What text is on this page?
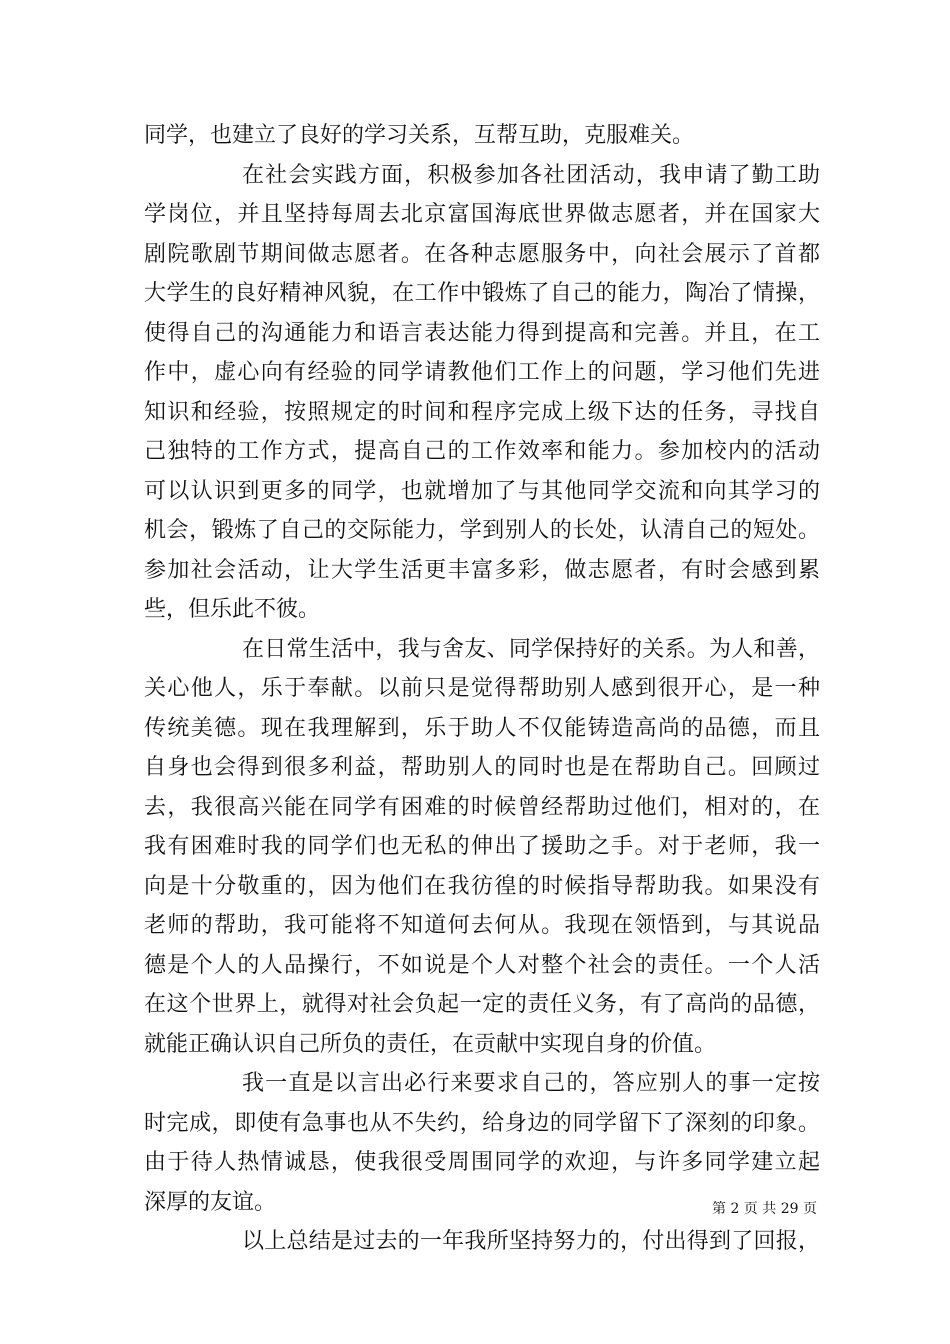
同学，也建立了良好的学习关系，互帮互助，克服难关。
在社会实践方面，积极参加各社团活动，我申请了勤工助
学岗位，并且坚持每周去北京富国海底世界做志愿者，并在国家大
剧院歌剧节期间做志愿者。在各种志愿服务中，向社会展示了首都
大学生的良好精神风貌，在工作中锻炼了自己的能力，陶冶了情操，
使得自己的沟通能力和语言表达能力得到提高和完善。并且，在工
作中，虚心向有经验的同学请教他们工作上的问题，学习他们先进
知识和经验，按照规定的时间和程序完成上级下达的任务，寻找自
己独特的工作方式，提高自己的工作效率和能力。参加校内的活动
可以认识到更多的同学，也就增加了与其他同学交流和向其学习的
机会，锻炼了自己的交际能力，学到别人的长处，认清自己的短处。
参加社会活动，让大学生活更丰富多彩，做志愿者，有时会感到累
些，但乐此不彼。
在日常生活中，我与舍友、同学保持好的关系。为人和善，
关心他人，乐于奉献。以前只是觉得帮助别人感到很开心，是一种
传统美德。现在我理解到，乐于助人不仅能铸造高尚的品德，而且
自身也会得到很多利益，帮助别人的同时也是在帮助自己。回顾过
去，我很高兴能在同学有困难的时候曾经帮助过他们，相对的，在
我有困难时我的同学们也无私的伸出了援助之手。对于老师，我一
向是十分敬重的，因为他们在我彷徨的时候指导帮助我。如果没有
老师的帮助，我可能将不知道何去何从。我现在领悟到，与其说品
德是个人的人品操行，不如说是个人对整个社会的责任。一个人活
在这个世界上，就得对社会负起一定的责任义务，有了高尚的品德，
就能正确认识自己所负的责任，在贡献中实现自身的价值。
我一直是以言出必行来要求自己的，答应别人的事一定按
时完成，即使有急事也从不失约，给身边的同学留下了深刻的印象。
由于待人热情诚恳，使我很受周围同学的欢迎，与许多同学建立起
深厚的友谊。
以上总结是过去的一年我所坚持努力的，付出得到了回报，
第 2 页 共 29 页
